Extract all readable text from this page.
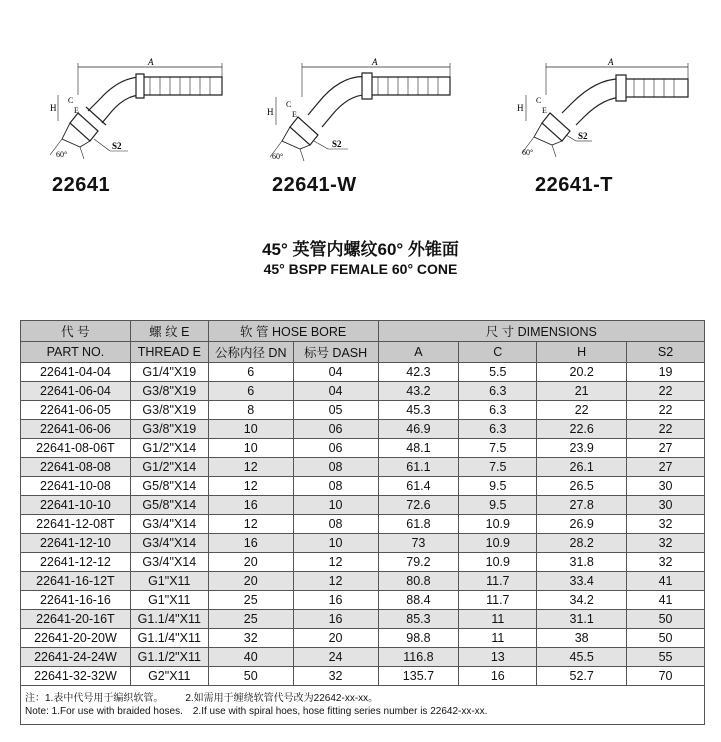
A
H
C
E
S2
60°
A
H
C
E
S2
60°
A
H
C
E
S2
60°
22641	22641-W	22641-T
45° 英管内螺纹60° 外锥面
45° BSPP FEMALE 60° CONE
代 号	螺 纹 E	软 管 HOSE BORE		尺 寸 DIMENSIONS			
PART NO.	THREAD E	公称内径 DN	标号 DASH	A	C	H	S2
22641-04-04	G1/4"X19	6	04	42.3	5.5	20.2	19
22641-06-04	G3/8"X19	6	04	43.2	6.3	21	22
22641-06-05	G3/8"X19	8	05	45.3	6.3	22	22
22641-06-06	G3/8"X19	10	06	46.9	6.3	22.6	22
22641-08-06T	G1/2"X14	10	06	48.1	7.5	23.9	27
22641-08-08	G1/2"X14	12	08	61.1	7.5	26.1	27
22641-10-08	G5/8"X14	12	08	61.4	9.5	26.5	30
22641-10-10	G5/8"X14	16	10	72.6	9.5	27.8	30
22641-12-08T	G3/4"X14	12	08	61.8	10.9	26.9	32
22641-12-10	G3/4"X14	16	10	73	10.9	28.2	32
22641-12-12	G3/4"X14	20	12	79.2	10.9	31.8	32
22641-16-12T	G1"X11	20	12	80.8	11.7	33.4	41
22641-16-16	G1"X11	25	16	88.4	11.7	34.2	41
22641-20-16T	G1.1/4"X11	25	16	85.3	11	31.1	50
22641-20-20W	G1.1/4"X11	32	20	98.8	11	38	50
22641-24-24W	G1.1/2"X11	40	24	116.8	13	45.5	55
22641-32-32W	G2"X11	50	32	135.7	16	52.7	70

注：1.表中代号用于编织软管。 2.如需用于缠绕软管代号改为22642-xx-xx。
Note: 1.For use with braided hoses. 2.If use with spiral hoes, hose fitting series number is 22642-xx-xx.							
